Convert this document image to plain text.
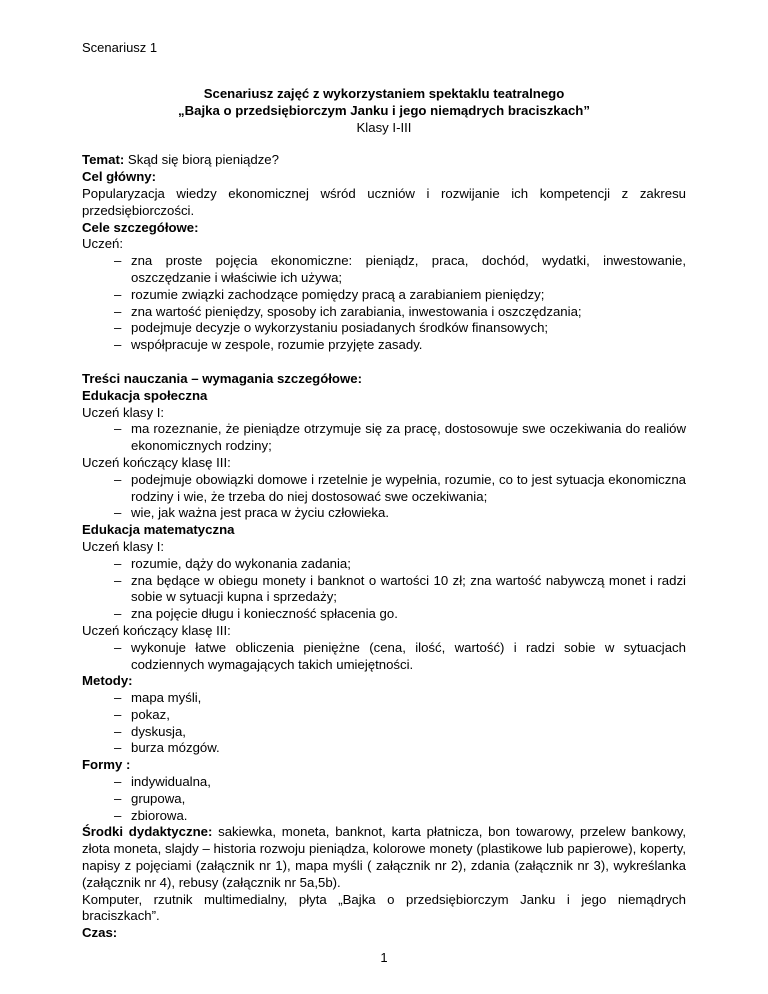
Scenariusz 1

Scenariusz zajęć z wykorzystaniem spektaklu teatralnego

„Bajka o przedsiębiorczym Janku i jego niemądrych braciszkach”

Klasy I-III

Temat: Skąd się biorą pieniądze?

Cel główny:

Popularyzacja wiedzy ekonomicznej wśród uczniów i rozwijanie ich kompetencji z zakresu przedsiębiorczości.

Cele szczegółowe:

Uczeń:

– zna proste pojęcia ekonomiczne: pieniądz, praca, dochód, wydatki, inwestowanie, oszczędzanie i właściwie ich używa;
– rozumie związki zachodzące pomiędzy pracą a zarabianiem pieniędzy;
– zna wartość pieniędzy, sposoby ich zarabiania, inwestowania i oszczędzania;
– podejmuje decyzje o wykorzystaniu posiadanych środków finansowych;
– współpracuje w zespole, rozumie przyjęte zasady.

Treści nauczania – wymagania szczegółowe:

Edukacja społeczna

Uczeń klasy I:

– ma rozeznanie, że pieniądze otrzymuje się za pracę, dostosowuje swe oczekiwania do realiów ekonomicznych rodziny;

Uczeń kończący klasę III:

– podejmuje obowiązki domowe i rzetelnie je wypełnia, rozumie, co to jest sytuacja ekonomiczna rodziny i wie, że trzeba do niej dostosować swe oczekiwania;
– wie, jak ważna jest praca w życiu człowieka.

Edukacja matematyczna

Uczeń klasy I:

– rozumie, dąży do wykonania zadania;
– zna będące w obiegu monety i banknot o wartości 10 zł; zna wartość nabywczą monet i radzi sobie w sytuacji kupna i sprzedaży;
– zna pojęcie długu i konieczność spłacenia go.

Uczeń kończący klasę III:

– wykonuje łatwe obliczenia pieniężne (cena, ilość, wartość) i radzi sobie w sytuacjach codziennych wymagających takich umiejętności.

Metody:

– mapa myśli,
– pokaz,
– dyskusja,
– burza mózgów.

Formy :

– indywidualna,
– grupowa,
– zbiorowa.

Środki dydaktyczne: sakiewka, moneta, banknot, karta płatnicza, bon towarowy, przelew bankowy, złota moneta, slajdy – historia rozwoju pieniądza, kolorowe monety (plastikowe lub papierowe), koperty, napisy z pojęciami (załącznik nr 1), mapa myśli ( załącznik nr 2), zdania (załącznik nr 3), wykreślanka (załącznik nr 4), rebusy (załącznik nr 5a,5b).

Komputer, rzutnik multimedialny, płyta „Bajka o przedsiębiorczym Janku i jego niemądrych braciszkach”.

Czas:

1
